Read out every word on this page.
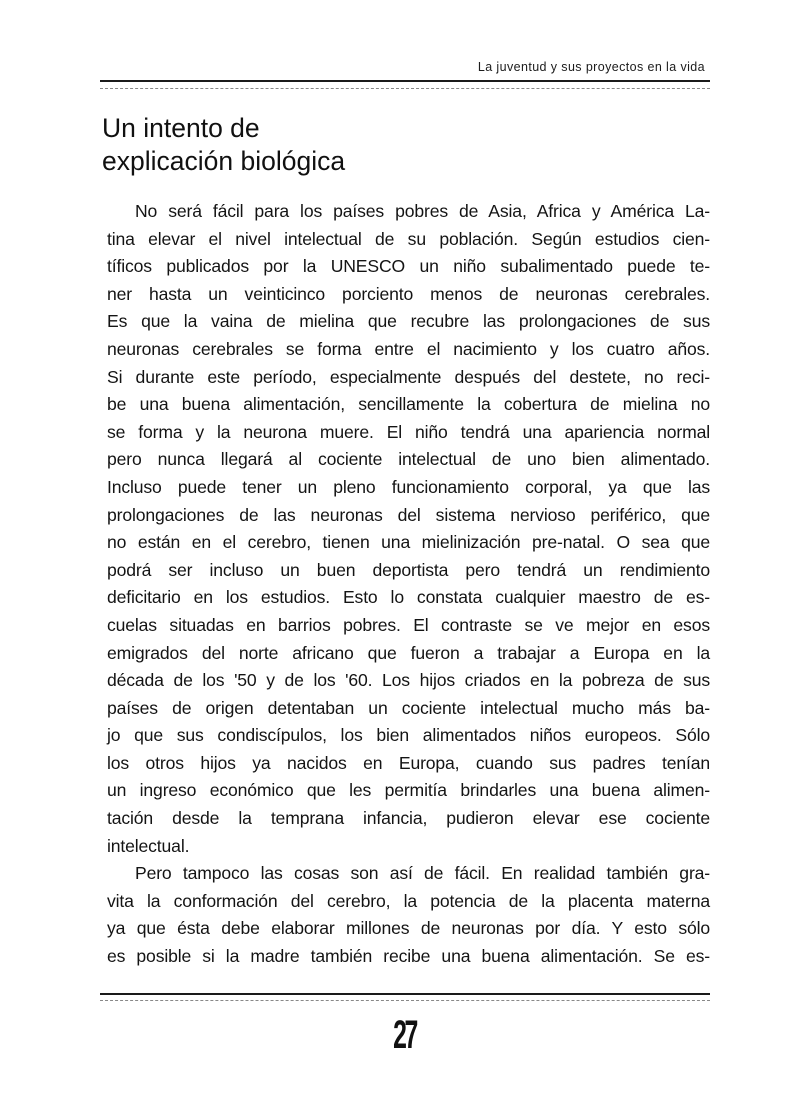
La juventud y sus proyectos en la vida
Un intento de
explicación biológica
No será fácil para los países pobres de Asia, Africa y América La-
tina elevar el nivel intelectual de su población. Según estudios cien-
tíficos publicados por la UNESCO un niño subalimentado puede te-
ner hasta un veinticinco porciento menos de neuronas cerebrales.
Es que la vaina de mielina que recubre las prolongaciones de sus
neuronas cerebrales se forma entre el nacimiento y los cuatro años.
Si durante este período, especialmente después del destete, no reci-
be una buena alimentación, sencillamente la cobertura de mielina no
se forma y la neurona muere. El niño tendrá una apariencia normal
pero nunca llegará al cociente intelectual de uno bien alimentado.
Incluso puede tener un pleno funcionamiento corporal, ya que las
prolongaciones de las neuronas del sistema nervioso periférico, que
no están en el cerebro, tienen una mielinización pre-natal. O sea que
podrá ser incluso un buen deportista pero tendrá un rendimiento
deficitario en los estudios. Esto lo constata cualquier maestro de es-
cuelas situadas en barrios pobres. El contraste se ve mejor en esos
emigrados del norte africano que fueron a trabajar a Europa en la
década de los '50 y de los '60. Los hijos criados en la pobreza de sus
países de origen detentaban un cociente intelectual mucho más ba-
jo que sus condiscípulos, los bien alimentados niños europeos. Sólo
los otros hijos ya nacidos en Europa, cuando sus padres tenían
un ingreso económico que les permitía brindarles una buena alimen-
tación desde la temprana infancia, pudieron elevar ese cociente
intelectual.
Pero tampoco las cosas son así de fácil. En realidad también gra-
vita la conformación del cerebro, la potencia de la placenta materna
ya que ésta debe elaborar millones de neuronas por día. Y esto sólo
es posible si la madre también recibe una buena alimentación. Se es-
27
